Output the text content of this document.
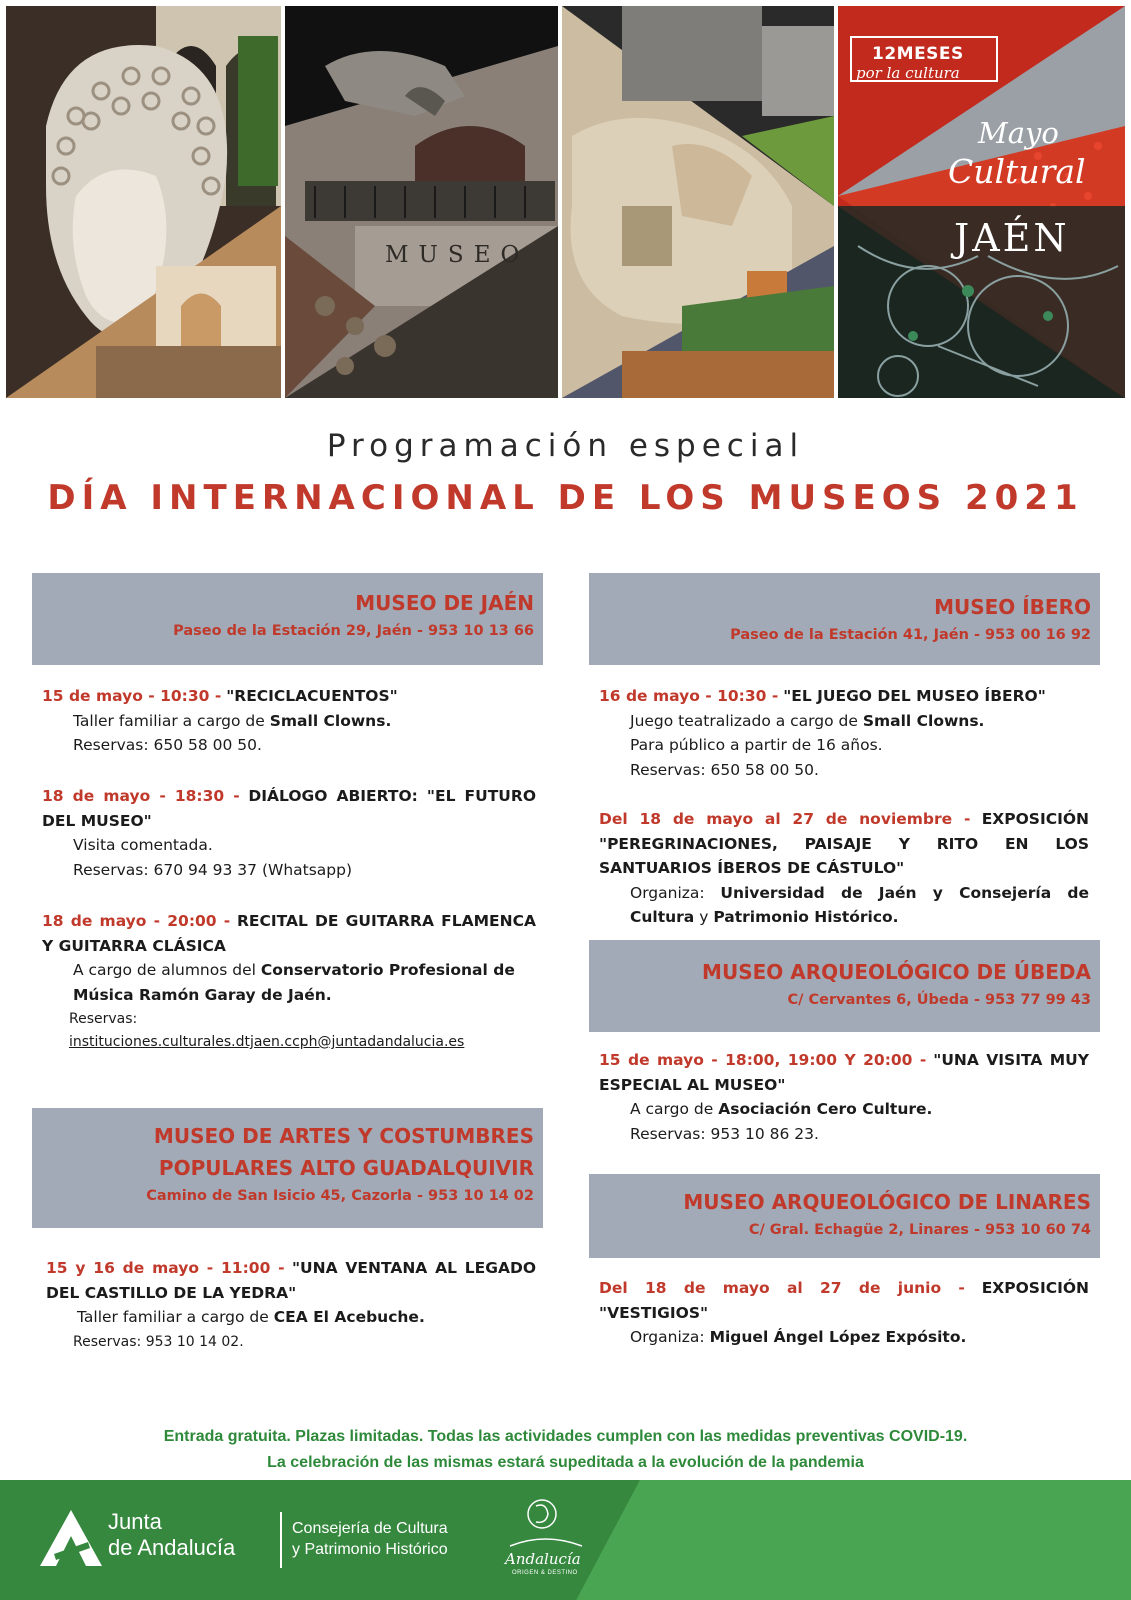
MUSEO
12MESES
por la cultura
Mayo
Cultural
JAÉN
Programación especial
DÍA INTERNACIONAL DE LOS MUSEOS 2021
MUSEO DE JAÉN
Paseo de la Estación 29, Jaén - 953 10 13 66
15 de mayo - 10:30 - "RECICLACUENTOS"
Taller familiar a cargo de Small Clowns.
Reservas: 650 58 00 50.
18 de mayo - 18:30 - DIÁLOGO ABIERTO: "EL FUTURO DEL MUSEO"
Visita comentada.
Reservas: 670 94 93 37 (Whatsapp)
18 de mayo - 20:00 - RECITAL DE GUITARRA FLAMENCA Y GUITARRA CLÁSICA
A cargo de alumnos del Conservatorio Profesional de Música Ramón Garay de Jaén.
Reservas:
instituciones.culturales.dtjaen.ccph@juntadandalucia.es
MUSEO DE ARTES Y COSTUMBRES
POPULARES ALTO GUADALQUIVIR
Camino de San Isicio 45, Cazorla - 953 10 14 02
15 y 16 de mayo - 11:00 - "UNA VENTANA AL LEGADO DEL CASTILLO DE LA YEDRA"
Taller familiar a cargo de CEA El Acebuche.
Reservas: 953 10 14 02.
MUSEO ÍBERO
Paseo de la Estación 41, Jaén - 953 00 16 92
16 de mayo - 10:30 - "EL JUEGO DEL MUSEO ÍBERO"
Juego teatralizado a cargo de Small Clowns.
Para público a partir de 16 años.
Reservas: 650 58 00 50.
Del 18 de mayo al 27 de noviembre - EXPOSICIÓN "PEREGRINACIONES, PAISAJE Y RITO EN LOS SANTUARIOS ÍBEROS DE CÁSTULO"
Organiza: Universidad de Jaén y Consejería de Cultura y Patrimonio Histórico.
MUSEO ARQUEOLÓGICO DE ÚBEDA
C/ Cervantes 6, Úbeda - 953 77 99 43
15 de mayo - 18:00, 19:00 Y 20:00 - "UNA VISITA MUY ESPECIAL AL MUSEO"
A cargo de Asociación Cero Culture.
Reservas: 953 10 86 23.
MUSEO ARQUEOLÓGICO DE LINARES
C/ Gral. Echagüe 2, Linares - 953 10 60 74
Del 18 de mayo al 27 de junio - EXPOSICIÓN "VESTIGIOS"
Organiza: Miguel Ángel López Expósito.
Entrada gratuita. Plazas limitadas. Todas las actividades cumplen con las medidas preventivas COVID-19.
La celebración de las mismas estará supeditada a la evolución de la pandemia
Junta
de Andalucía
Consejería de Cultura
y Patrimonio Histórico
Andalucía
ORIGEN & DESTINO
